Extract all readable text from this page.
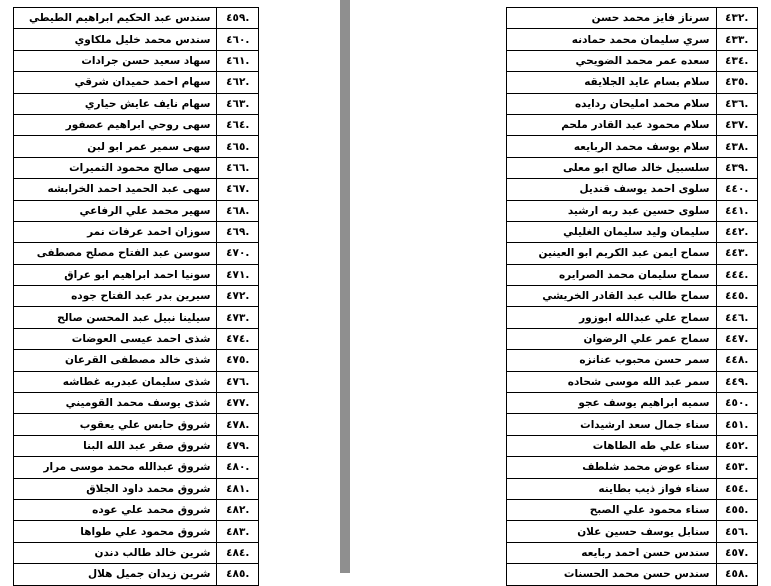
سندس عبد الحكيم ابراهيم الطيطي	.٤٥٩
سندس محمد خليل ملكاوي	.٤٦٠
سهاد سعيد حسن جرادات	.٤٦١
سهام احمد حميدان شرقي	.٤٦٢
سهام نايف عايش حياري	.٤٦٣
سهى روحي ابراهيم عصفور	.٤٦٤
سهى سمير عمر ابو لبن	.٤٦٥
سهى صالح محمود التميرات	.٤٦٦
سهى عبد الحميد احمد الخرابشه	.٤٦٧
سهير محمد علي الرفاعي	.٤٦٨
سوزان احمد عرفات نمر	.٤٦٩
سوسن عبد الفتاح مصلح مصطفى	.٤٧٠
سونيا احمد ابراهيم ابو عراق	.٤٧١
سيرين بدر عبد الفتاح جوده	.٤٧٢
سيلينا نبيل عبد المحسن صالح	.٤٧٣
شذى احمد عيسى العوضات	.٤٧٤
شذى خالد مصطفى القرعان	.٤٧٥
شذى سليمان عبدربه غطاشه	.٤٧٦
شذى يوسف محمد القوميني	.٤٧٧
شروق حابس علي يعقوب	.٤٧٨
شروق صقر عبد الله البنا	.٤٧٩
شروق عبدالله محمد موسى مرار	.٤٨٠
شروق محمد داود الجلاق	.٤٨١
شروق محمد علي عوده	.٤٨٢
شروق محمود علي طواها	.٤٨٣
شرين خالد طالب دندن	.٤٨٤
شرين زيدان جميل هلال	.٤٨٥
سرناز فايز محمد حسن	.٤٣٢
سري سليمان محمد حمادنه	.٤٣٣
سعده عمر محمد الضويحي	.٤٣٤
سلام بسام عايد الجلايقه	.٤٣٥
سلام محمد امليحان ردايده	.٤٣٦
سلام محمود عبد القادر ملحم	.٤٣٧
سلام يوسف محمد الربايعه	.٤٣٨
سلسبيل خالد صالح ابو معلى	.٤٣٩
سلوى احمد يوسف قنديل	.٤٤٠
سلوى حسين عبد ربه ارشيد	.٤٤١
سليمان وليد سليمان الغليلي	.٤٤٢
سماح ايمن عبد الكريم ابو العينين	.٤٤٣
سماح سليمان محمد الصرايره	.٤٤٤
سماح طالب عبد القادر الخريشي	.٤٤٥
سماح علي عبدالله ابوزور	.٤٤٦
سماح عمر علي الرضوان	.٤٤٧
سمر حسن محبوب عنانزه	.٤٤٨
سمر عبد الله موسى شحاده	.٤٤٩
سميه ابراهيم يوسف عجو	.٤٥٠
سناء جمال سعد ارشيدات	.٤٥١
سناء علي طه الطاهات	.٤٥٢
سناء عوض محمد شلطف	.٤٥٣
سناء فواز ذيب بطاينه	.٤٥٤
سناء محمود علي الصبح	.٤٥٥
سنابل يوسف حسين علان	.٤٥٦
سندس حسن احمد ربايعه	.٤٥٧
سندس حسن محمد الحسنات	.٤٥٨
